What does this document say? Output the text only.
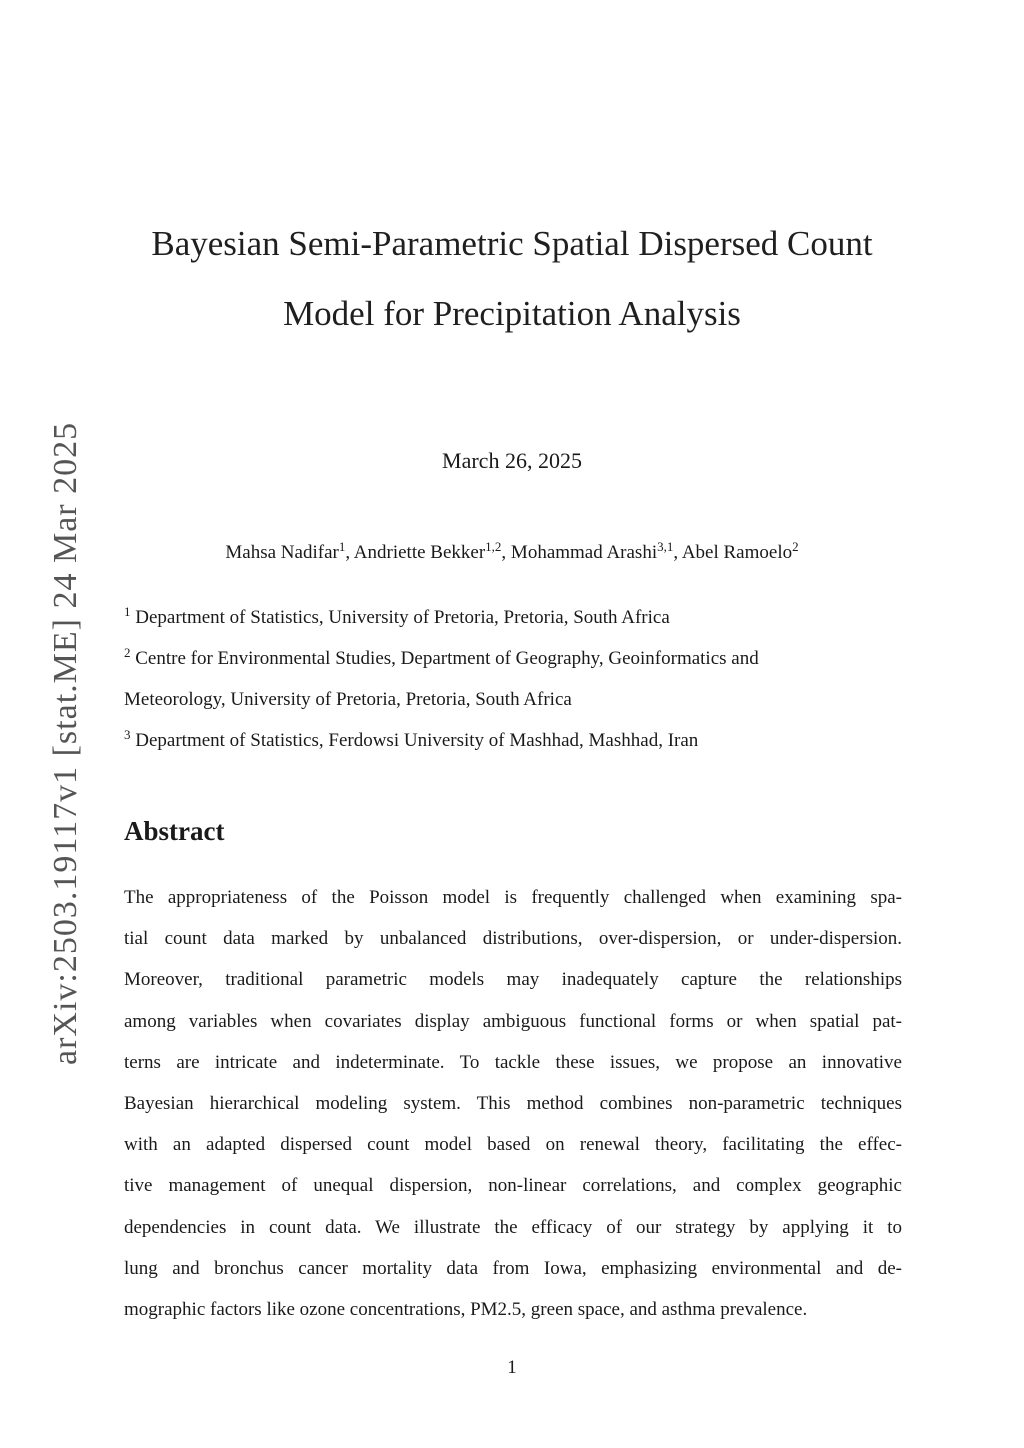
arXiv:2503.19117v1 [stat.ME] 24 Mar 2025
Bayesian Semi-Parametric Spatial Dispersed Count
Model for Precipitation Analysis
March 26, 2025
Mahsa Nadifar$^1$, Andriette Bekker$^{1,2}$, Mohammad Arashi$^{3,1}$, Abel Ramoelo$^2$
$^1$ Department of Statistics, University of Pretoria, Pretoria, South Africa
$^2$ Centre for Environmental Studies, Department of Geography, Geoinformatics and
Meteorology, University of Pretoria, Pretoria, South Africa
$^3$ Department of Statistics, Ferdowsi University of Mashhad, Mashhad, Iran
Abstract
The appropriateness of the Poisson model is frequently challenged when examining spa-
tial count data marked by unbalanced distributions, over-dispersion, or under-dispersion.
Moreover, traditional parametric models may inadequately capture the relationships
among variables when covariates display ambiguous functional forms or when spatial pat-
terns are intricate and indeterminate. To tackle these issues, we propose an innovative
Bayesian hierarchical modeling system. This method combines non-parametric techniques
with an adapted dispersed count model based on renewal theory, facilitating the effec-
tive management of unequal dispersion, non-linear correlations, and complex geographic
dependencies in count data. We illustrate the efficacy of our strategy by applying it to
lung and bronchus cancer mortality data from Iowa, emphasizing environmental and de-
mographic factors like ozone concentrations, PM2.5, green space, and asthma prevalence.
1
